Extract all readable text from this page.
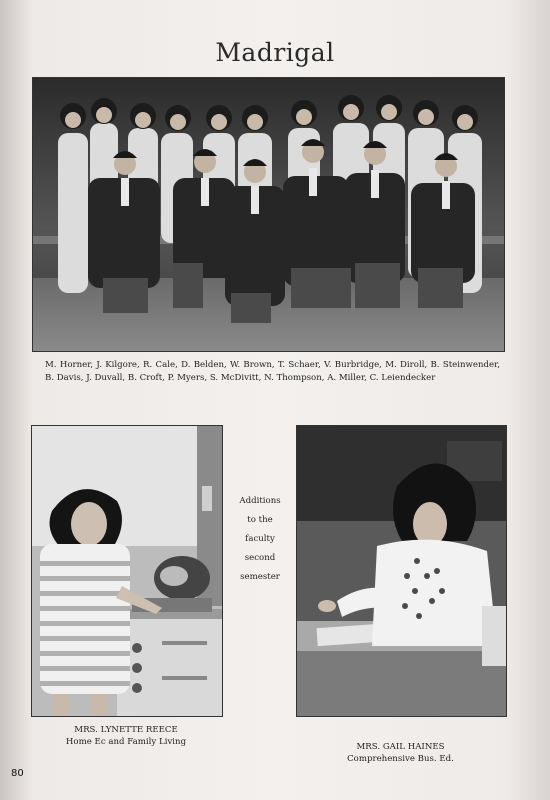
Madrigal
M. Horner, J. Kilgore, R. Cale, D. Belden, W. Brown, T. Schaer, V. Burbridge, M. Diroll, B. Steinwender, B. Davis, J. Duvall, B. Croft, P. Myers, S. McDivitt, N. Thompson, A. Miller, C. Leiendecker
Additions
to the
faculty
second
semester
MRS. LYNETTE REECE
Home Ec and Family Living	MRS. GAIL HAINES
Comprehensive Bus. Ed.
80
